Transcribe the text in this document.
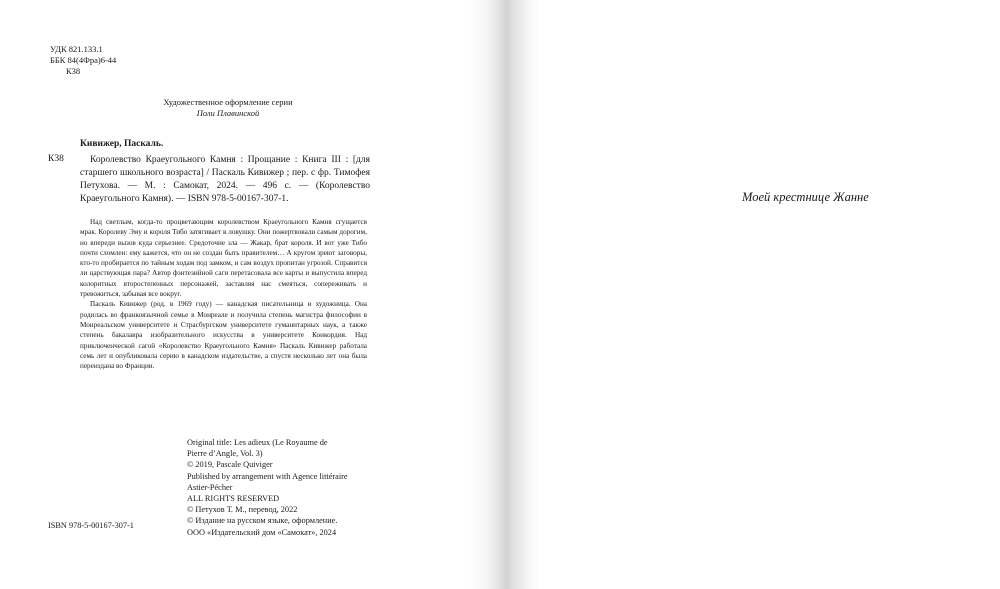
УДК 821.133.1
ББК 84(4Фра)6-44
К38
Художественное оформление серии
Поли Плавинской
Кивижер, Паскаль.
К38	Королевство Краеугольного Камня : Прощание : Книга III : [для старшего школьного возраста] / Паскаль Кивижер ; пер. с фр. Тимофея Петухова. — М. : Самокат, 2024. — 496 с. — (Королевство Краеугольного Камня). — ISBN 978-5-00167-307-1.

Над светлым, когда-то процветающим королевством Краеугольного Камня сгущается мрак. Королеву Эму и короля Тибо затягивает в ловушку. Они пожертвовали самым дорогим, но впереди вызов куда серьезнее. Средоточие зла — Жакар, брат короля. И вот уже Тибо почти сломлен: ему кажется, что он не создан быть правителем… А кругом зреют заговоры, кто-то пробирается по тайным ходам под замком, и сам воздух пропитан угрозой. Справится ли царствующая пара? Автор фэнтезийной саги перетасовала все карты и выпустила вперед колоритных второстепенных персонажей, заставляя нас смеяться, сопереживать и тревожиться, забывая все вокруг.

Паскаль Кивижер (род. в 1969 году) — канадская писательница и художница. Она родилась во франкоязычной семье в Монреале и получила степень магистра философии в Монреальском университете и Страсбургском университете гуманитарных наук, а также степень бакалавра изобразительного искусства в университете Конкордия. Над приключенческой сагой «Королевство Краеугольного Камня» Паскаль Кивижер работала семь лет и опубликовала серию в канадском издательстве, а спустя несколько лет она была переиздана во Франции.

Original title: Les adieux (Le Royaume de
Pierre d’Angle, Vol. 3)
© 2019, Pascale Quiviger
Published by arrangement with Agence littéraire
Astier-Pécher
ALL RIGHTS RESERVED
© Петухов Т. М., перевод, 2022
© Издание на русском языке, оформление.
ООО «Издательский дом «Самокат», 2024
ISBN 978-5-00167-307-1
Моей крестнице Жанне
